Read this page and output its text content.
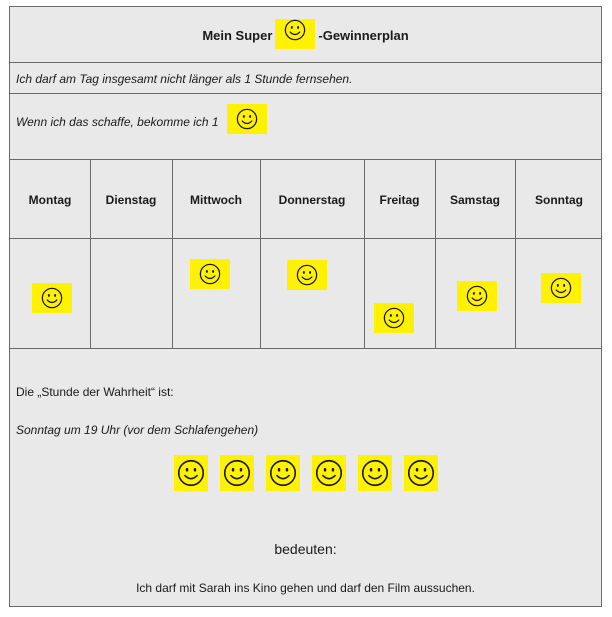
Mein Super	-Gewinnerplan
Ich darf am Tag insgesamt nicht länger als 1 Stunde fernsehen.
Wenn ich das schaffe, bekomme ich 1
Montag	Dienstag	Mittwoch	Donnerstag	Freitag	Samstag	Sonntag
Die „Stunde der Wahrheit“ ist:
Sonntag um 19 Uhr (vor dem Schlafengehen)
bedeuten:
Ich darf mit Sarah ins Kino gehen und darf den Film aussuchen.
